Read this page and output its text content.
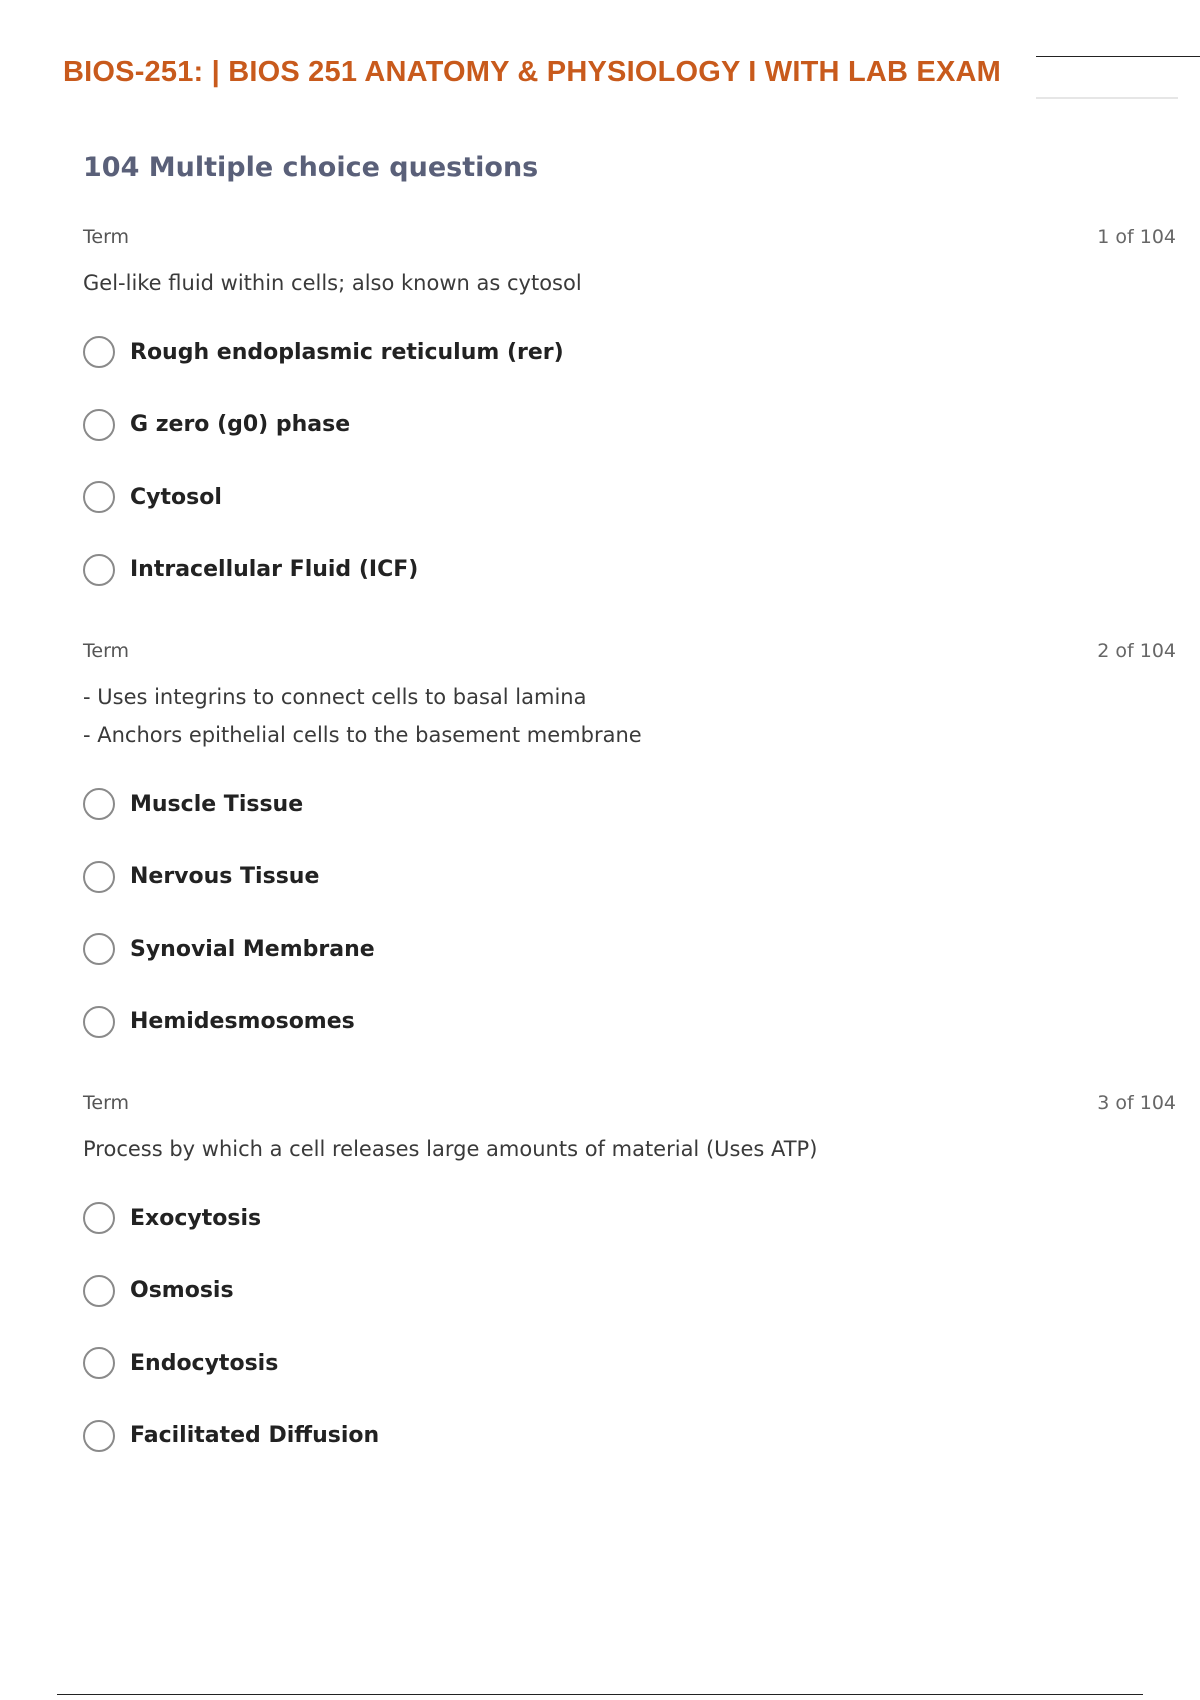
BIOS-251: | BIOS 251 ANATOMY & PHYSIOLOGY I WITH LAB EXAM
104 Multiple choice questions
Term	1 of 104
Gel-like fluid within cells; also known as cytosol
Rough endoplasmic reticulum (rer)
G zero (g0) phase
Cytosol
Intracellular Fluid (ICF)
Term	2 of 104
- Uses integrins to connect cells to basal lamina
- Anchors epithelial cells to the basement membrane
Muscle Tissue
Nervous Tissue
Synovial Membrane
Hemidesmosomes
Term	3 of 104
Process by which a cell releases large amounts of material (Uses ATP)
Exocytosis
Osmosis
Endocytosis
Facilitated Diffusion
